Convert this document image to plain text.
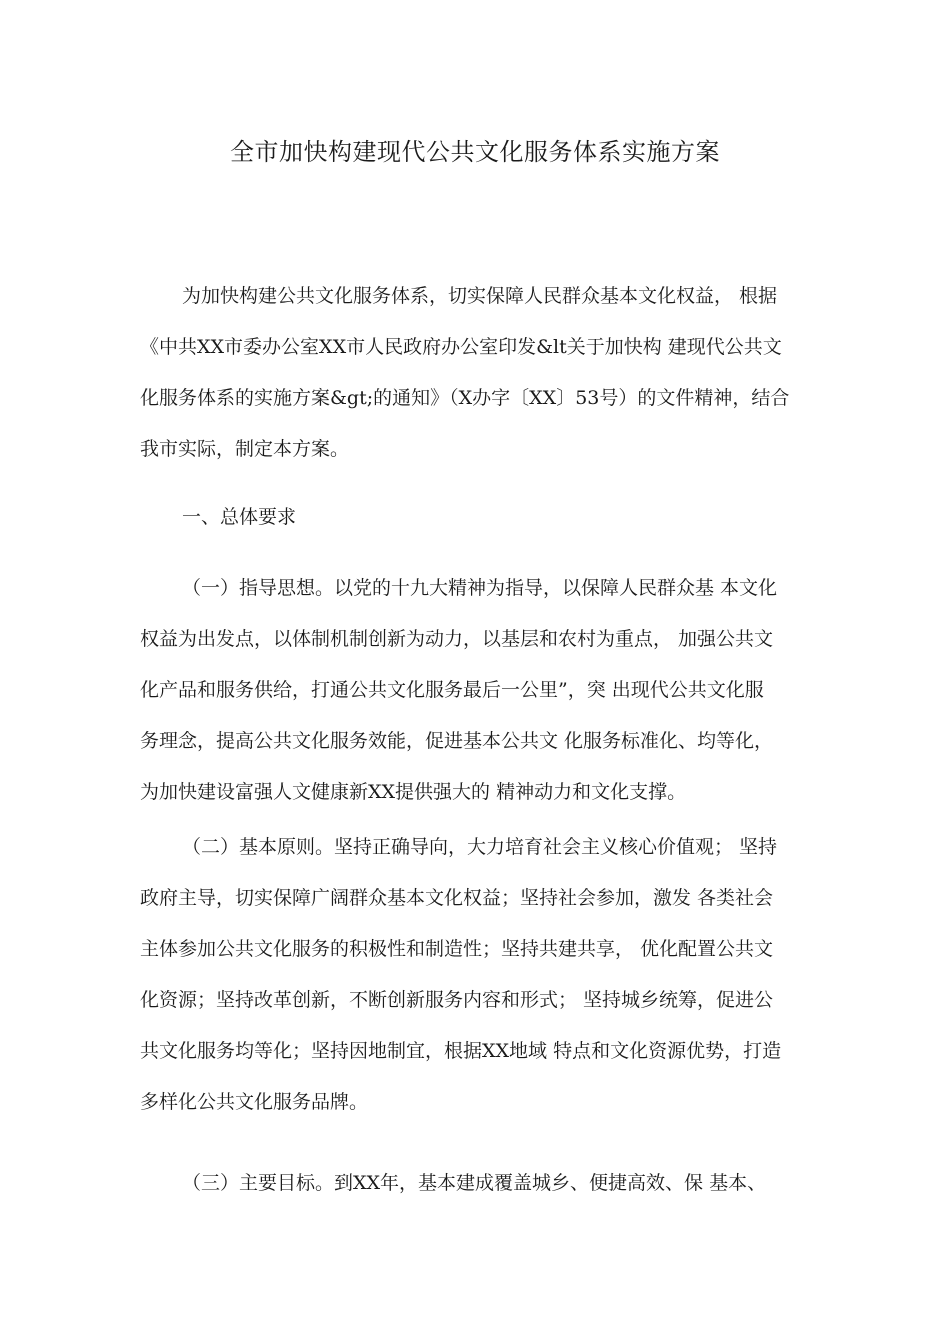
全市加快构建现代公共文化服务体系实施方案
为加快构建公共文化服务体系，切实保障人民群众基本文化权益， 根据
《中共XX市委办公室XX市人民政府办公室印发&lt关于加快构 建现代公共文
化服务体系的实施方案&gt;的通知》（X办字〔XX〕53号）的文件精神，结合
我市实际，制定本方案。
一、总体要求
（一）指导思想。以党的十九大精神为指导，以保障人民群众基 本文化
权益为出发点，以体制机制创新为动力，以基层和农村为重点， 加强公共文
化产品和服务供给，打通公共文化服务最后一公里”，突 出现代公共文化服
务理念，提高公共文化服务效能，促进基本公共文 化服务标准化、均等化，
为加快建设富强人文健康新XX提供强大的 精神动力和文化支撑。
（二）基本原则。坚持正确导向，大力培育社会主义核心价值观； 坚持
政府主导，切实保障广阔群众基本文化权益；坚持社会参加，激发 各类社会
主体参加公共文化服务的积极性和制造性；坚持共建共享， 优化配置公共文
化资源；坚持改革创新，不断创新服务内容和形式； 坚持城乡统筹，促进公
共文化服务均等化；坚持因地制宜，根据XX地域 特点和文化资源优势，打造
多样化公共文化服务品牌。
（三）主要目标。到XX年，基本建成覆盖城乡、便捷高效、保 基本、
